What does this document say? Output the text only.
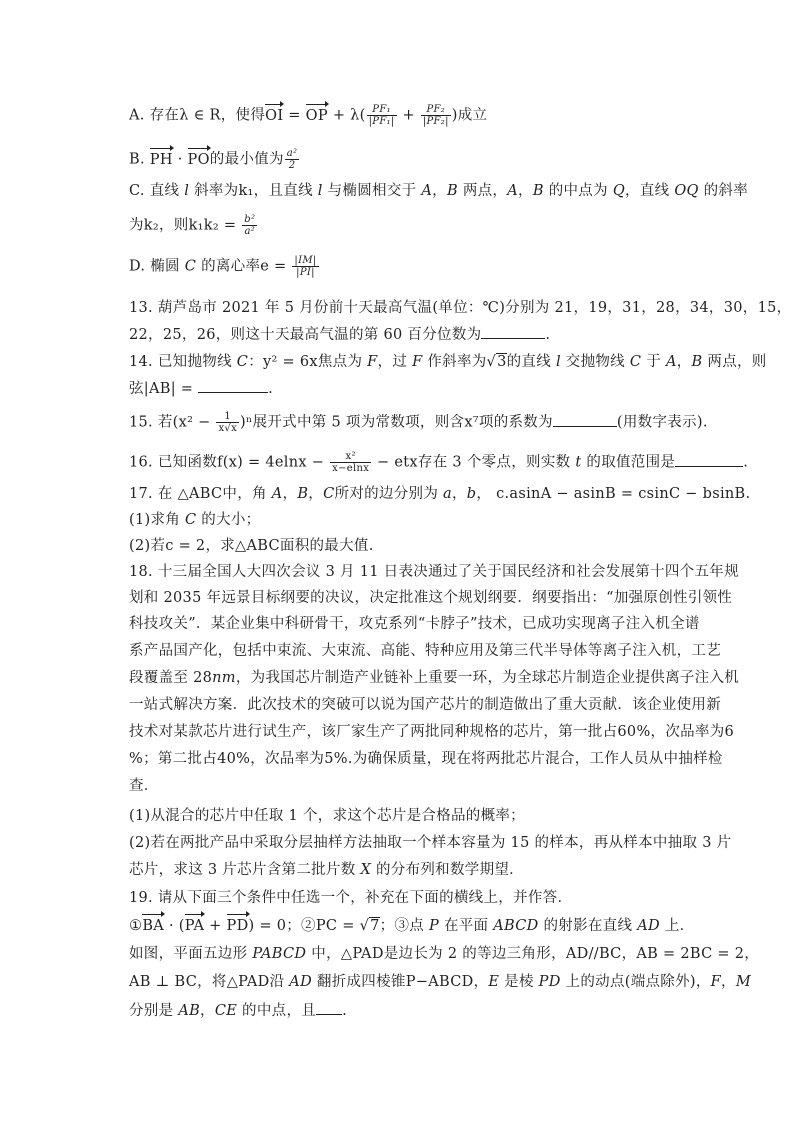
A. 存在λ ∈ R，使得OI = OP + $\lambda( \frac{\text{PF₁}}{\text{|PF₁|}} + \frac{\text{PF₂}}{\text{|PF₂|}}$ )成立
B. PH · PO的最小值为 $\frac{\text{a²}}{2}$
C. 直线 l 斜率为k₁，且直线 l 与椭圆相交于 A，B 两点，A，B 的中点为 Q，直线 OQ 的斜率
为k₂，则$k_1k_2 = \frac{\text{b²}}{\text{a²}}$
D. 椭圆 C 的离心率$e = \frac{|IM|}{|PI|}$
13. 葫芦岛市 2021 年 5 月份前十天最高气温(单位：℃)分别为 21，19，31，28，34，30，15，
22，25，26，则这十天最高气温的第 60 百分位数为	.
14. 已知抛物线 C：y² = 6x焦点为 F，过 F 作斜率为√3的直线 l 交抛物线 C 于 A，B 两点，则
弦|AB| =	.
15. 若$(x^2 - \frac{1}{x√x} )^n$展开式中第 5 项为常数项，则含x⁷项的系数为	(用数字表示).
16. 已知函数$f(x) = 4elnx - \frac{\text{x²}}{x-elnx}$ − etx存在 3 个零点，则实数 t 的取值范围是	.
17. 在 △ABC中，角 A，B，C所对的边分别为 a，b， c.asinA − asinB = csinC − bsinB.
(1)求角 C 的大小；
(2)若c = 2，求△ABC面积的最大值.
18. 十三届全国人大四次会议 3 月 11 日表决通过了关于国民经济和社会发展第十四个五年规
划和 2035 年远景目标纲要的决议，决定批准这个规划纲要．纲要指出：“加强原创性引领性
科技攻关”．某企业集中科研骨干，攻克系列“卡脖子”技术，已成功实现离子注入机全谱
系产品国产化，包括中束流、大束流、高能、特种应用及第三代半导体等离子注入机，工艺
段覆盖至 28nm，为我国芯片制造产业链补上重要一环，为全球芯片制造企业提供离子注入机
一站式解决方案．此次技术的突破可以说为国产芯片的制造做出了重大贡献．该企业使用新
技术对某款芯片进行试生产，该厂家生产了两批同种规格的芯片，第一批占60%，次品率为6
%；第二批占40%，次品率为5%.为确保质量，现在将两批芯片混合，工作人员从中抽样检
查．
(1)从混合的芯片中任取 1 个，求这个芯片是合格品的概率；
(2)若在两批产品中采取分层抽样方法抽取一个样本容量为 15 的样本，再从样本中抽取 3 片
芯片，求这 3 片芯片含第二批片数 X 的分布列和数学期望．
19. 请从下面三个条件中任选一个，补充在下面的横线上，并作答．
①BA · (PA + PD) = 0；②PC = √7；③点 P 在平面 ABCD 的射影在直线 AD 上．
如图，平面五边形 PABCD 中，△PAD是边长为 2 的等边三角形，AD//BC，AB = 2BC = 2，
AB ⊥ BC，将△PAD沿 AD 翻折成四棱锥P−ABCD，E 是棱 PD 上的动点(端点除外)，F，M
分别是 AB，CE 的中点，且 .
